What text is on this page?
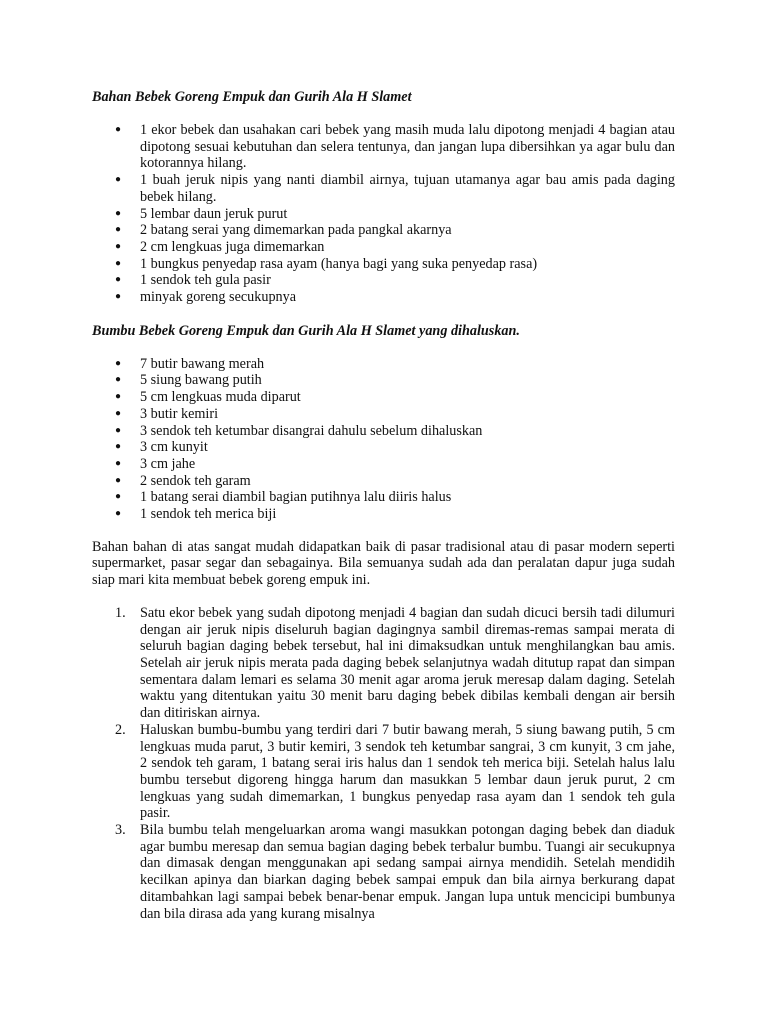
Bahan Bebek Goreng Empuk dan Gurih Ala H Slamet
● 1 ekor bebek dan usahakan cari bebek yang masih muda lalu dipotong menjadi 4 bagian atau dipotong sesuai kebutuhan dan selera tentunya, dan jangan lupa dibersihkan ya agar bulu dan kotorannya hilang.
● 1 buah jeruk nipis yang nanti diambil airnya, tujuan utamanya agar bau amis pada daging bebek hilang.
● 5 lembar daun jeruk purut
● 2 batang serai yang dimemarkan pada pangkal akarnya
● 2 cm lengkuas juga dimemarkan
● 1 bungkus penyedap rasa ayam (hanya bagi yang suka penyedap rasa)
● 1 sendok teh gula pasir
● minyak goreng secukupnya
Bumbu Bebek Goreng Empuk dan Gurih Ala H Slamet yang dihaluskan.
● 7 butir bawang merah
● 5 siung bawang putih
● 5 cm lengkuas muda diparut
● 3 butir kemiri
● 3 sendok teh ketumbar disangrai dahulu sebelum dihaluskan
● 3 cm kunyit
● 3 cm jahe
● 2 sendok teh garam
● 1 batang serai diambil bagian putihnya lalu diiris halus
● 1 sendok teh merica biji

Bahan bahan di atas sangat mudah didapatkan baik di pasar tradisional atau di pasar modern seperti supermarket, pasar segar dan sebagainya. Bila semuanya sudah ada dan peralatan dapur juga sudah siap mari kita membuat bebek goreng empuk ini.

1. Satu ekor bebek yang sudah dipotong menjadi 4 bagian dan sudah dicuci bersih tadi dilumuri dengan air jeruk nipis diseluruh bagian dagingnya sambil diremas-remas sampai merata di seluruh bagian daging bebek tersebut, hal ini dimaksudkan untuk menghilangkan bau amis. Setelah air jeruk nipis merata pada daging bebek selanjutnya wadah ditutup rapat dan simpan sementara dalam lemari es selama 30 menit agar aroma jeruk meresap dalam daging. Setelah waktu yang ditentukan yaitu 30 menit baru daging bebek dibilas kembali dengan air bersih dan ditiriskan airnya.
2. Haluskan bumbu-bumbu yang terdiri dari 7 butir bawang merah, 5 siung bawang putih, 5 cm lengkuas muda parut, 3 butir kemiri, 3 sendok teh ketumbar sangrai, 3 cm kunyit, 3 cm jahe, 2 sendok teh garam, 1 batang serai iris halus dan 1 sendok teh merica biji. Setelah halus lalu bumbu tersebut digoreng hingga harum dan masukkan 5 lembar daun jeruk purut, 2 cm lengkuas yang sudah dimemarkan, 1 bungkus penyedap rasa ayam dan 1 sendok teh gula pasir.
3. Bila bumbu telah mengeluarkan aroma wangi masukkan potongan daging bebek dan diaduk agar bumbu meresap dan semua bagian daging bebek terbalur bumbu. Tuangi air secukupnya dan dimasak dengan menggunakan api sedang sampai airnya mendidih. Setelah mendidih kecilkan apinya dan biarkan daging bebek sampai empuk dan bila airnya berkurang dapat ditambahkan lagi sampai bebek benar-benar empuk. Jangan lupa untuk mencicipi bumbunya dan bila dirasa ada yang kurang misalnya
